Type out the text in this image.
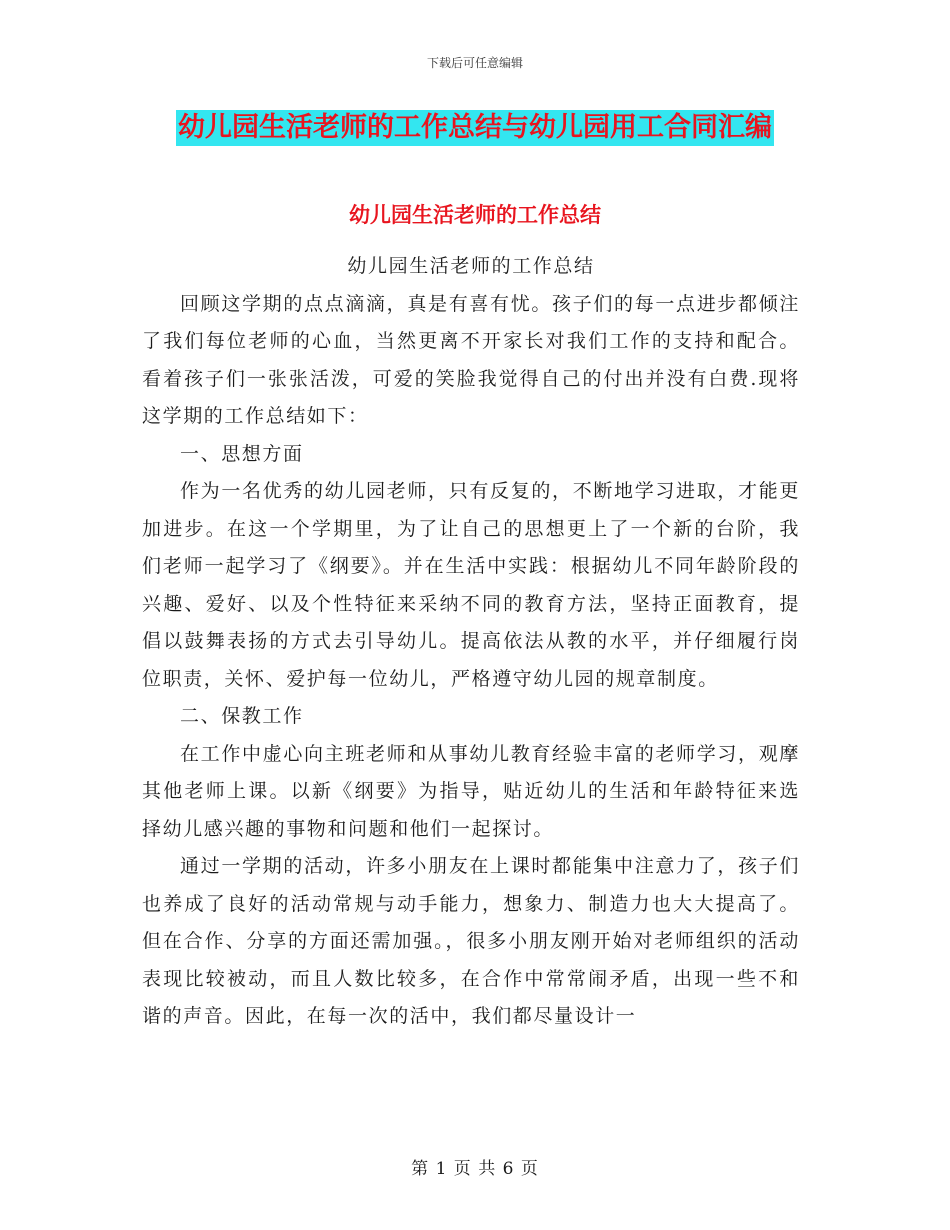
下载后可任意编辑
幼儿园生活老师的工作总结与幼儿园用工合同汇编
幼儿园生活老师的工作总结

幼儿园生活老师的工作总结

回顾这学期的点点滴滴，真是有喜有忧。孩子们的每一点进步都倾注了我们每位老师的心血，当然更离不开家长对我们工作的支持和配合。看着孩子们一张张活泼，可爱的笑脸我觉得自己的付出并没有白费.现将这学期的工作总结如下：

一、思想方面

作为一名优秀的幼儿园老师，只有反复的，不断地学习进取，才能更加进步。在这一个学期里，为了让自己的思想更上了一个新的台阶，我们老师一起学习了《纲要》。并在生活中实践：根据幼儿不同年龄阶段的兴趣、爱好、以及个性特征来采纳不同的教育方法，坚持正面教育，提倡以鼓舞表扬的方式去引导幼儿。提高依法从教的水平，并仔细履行岗位职责，关怀、爱护每一位幼儿，严格遵守幼儿园的规章制度。

二、保教工作

在工作中虚心向主班老师和从事幼儿教育经验丰富的老师学习，观摩其他老师上课。以新《纲要》为指导，贴近幼儿的生活和年龄特征来选择幼儿感兴趣的事物和问题和他们一起探讨。

通过一学期的活动，许多小朋友在上课时都能集中注意力了，孩子们也养成了良好的活动常规与动手能力，想象力、制造力也大大提高了。但在合作、分享的方面还需加强。，很多小朋友刚开始对老师组织的活动表现比较被动，而且人数比较多，在合作中常常闹矛盾，出现一些不和谐的声音。因此，在每一次的活中，我们都尽量设计一

第 1 页 共 6 页
